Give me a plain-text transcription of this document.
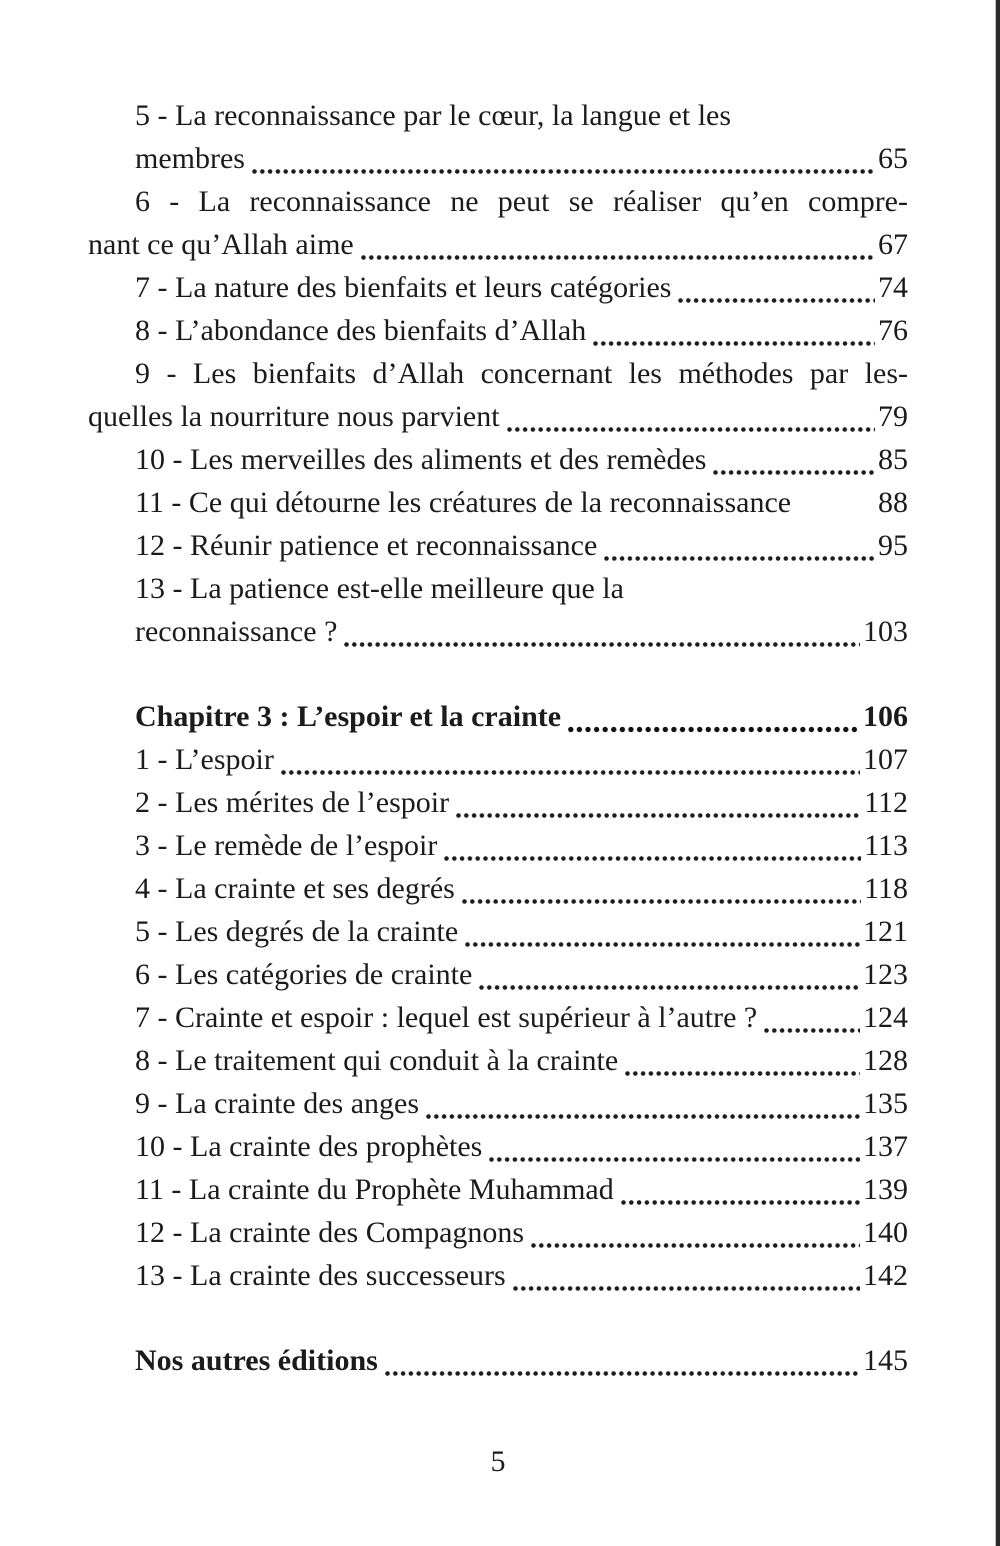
5 - La reconnaissance par le cœur, la langue et les
membres	65
6 - La reconnaissance ne peut se réaliser qu’en compre-
nant ce qu’Allah aime	67
7 - La nature des bienfaits et leurs catégories	74
8 - L’abondance des bienfaits d’Allah	76
9 - Les bienfaits d’Allah concernant les méthodes par les-
quelles la nourriture nous parvient	79
10 - Les merveilles des aliments et des remèdes	85
11 - Ce qui détourne les créatures de la reconnaissance	88
12 - Réunir patience et reconnaissance	95
13 - La patience est-elle meilleure que la
reconnaissance ?	103
Chapitre 3 : L’espoir et la crainte	106
1 - L’espoir	107
2 - Les mérites de l’espoir	112
3 - Le remède de l’espoir	113
4 - La crainte et ses degrés	118
5 - Les degrés de la crainte	121
6 - Les catégories de crainte	123
7 - Crainte et espoir : lequel est supérieur à l’autre ?	124
8 - Le traitement qui conduit à la crainte	128
9 - La crainte des anges	135
10 - La crainte des prophètes	137
11 - La crainte du Prophète Muhammad	139
12 - La crainte des Compagnons	140
13 - La crainte des successeurs	142
Nos autres éditions	145
5
